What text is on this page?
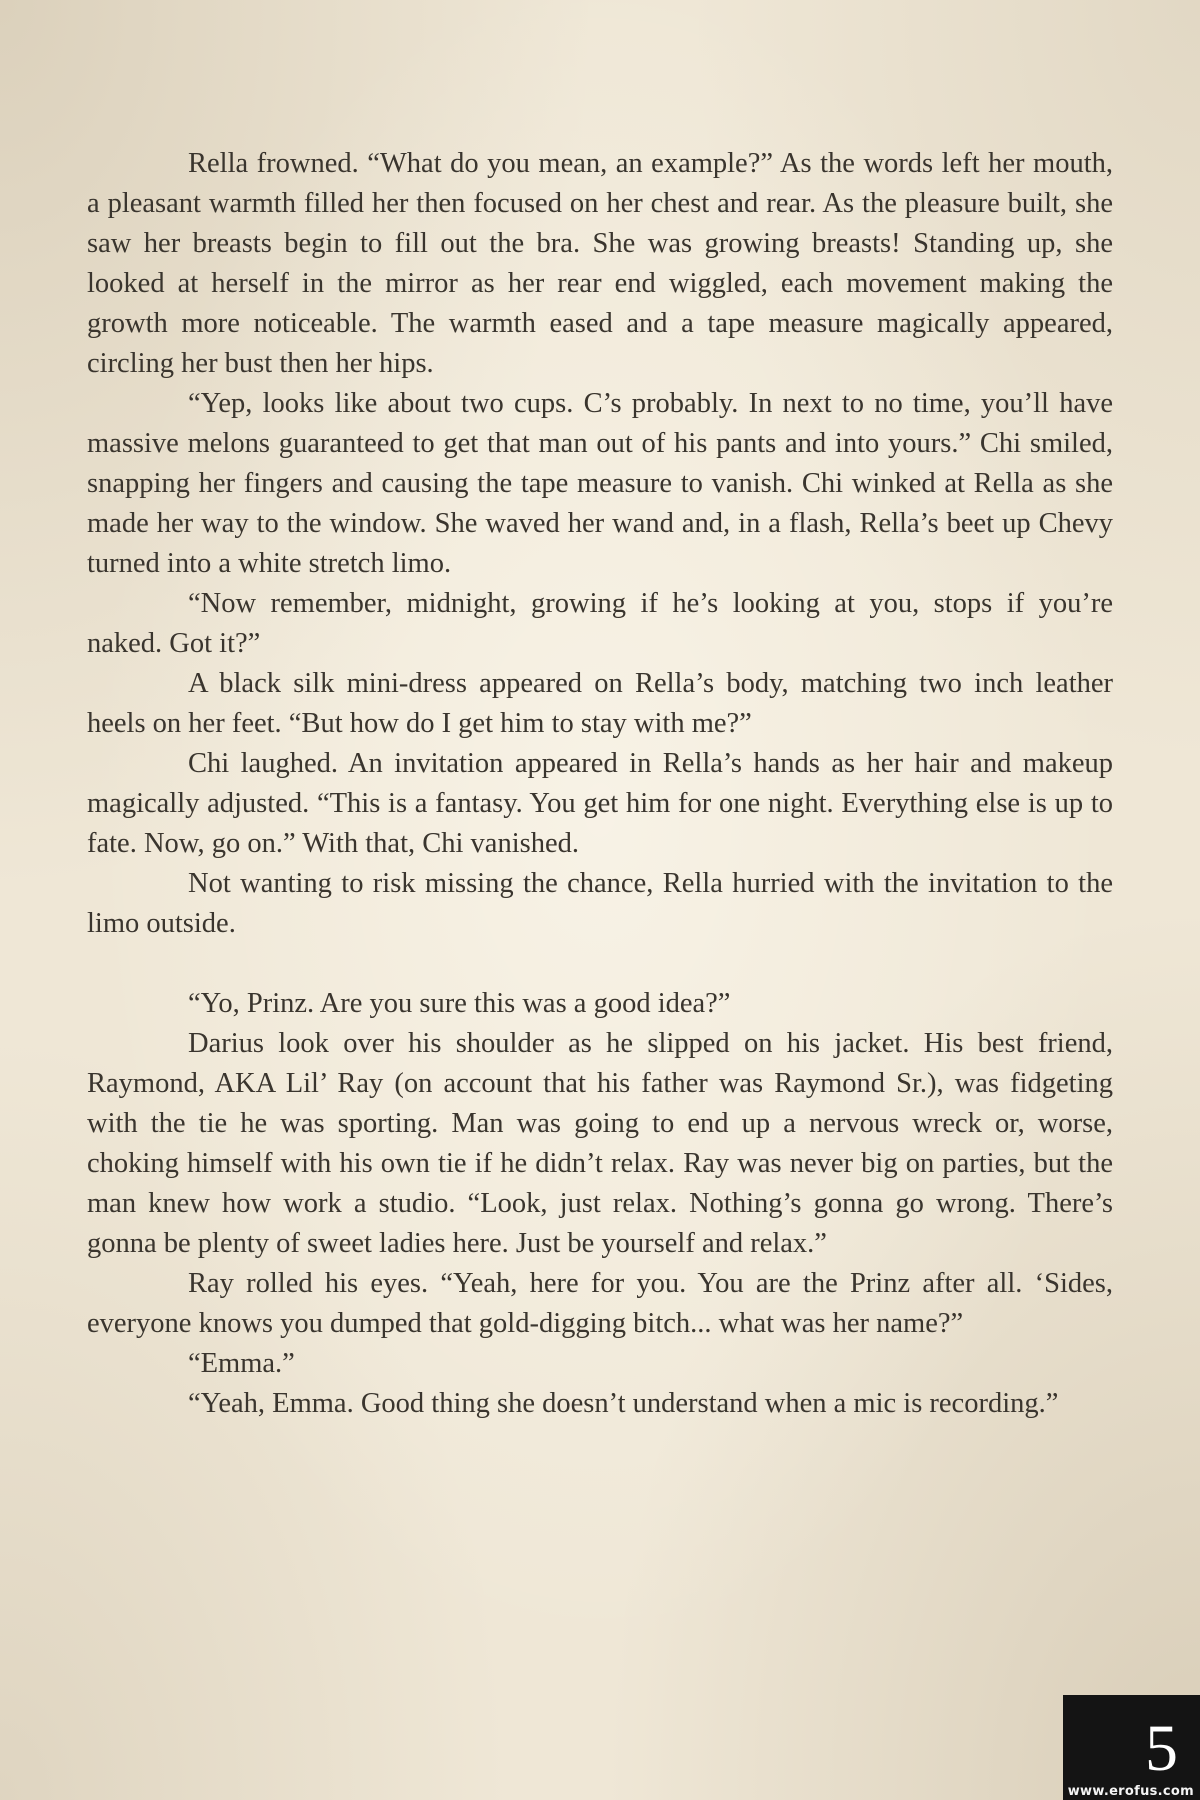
Rella frowned. “What do you mean, an example?” As the words left her mouth, a pleasant warmth filled her then focused on her chest and rear. As the pleasure built, she saw her breasts begin to fill out the bra. She was growing breasts! Standing up, she looked at herself in the mirror as her rear end wiggled, each movement making the growth more noticeable. The warmth eased and a tape measure magically appeared, circling her bust then her hips.

“Yep, looks like about two cups. C’s probably. In next to no time, you’ll have massive melons guaranteed to get that man out of his pants and into yours.” Chi smiled, snapping her fingers and causing the tape measure to vanish. Chi winked at Rella as she made her way to the window. She waved her wand and, in a flash, Rella’s beet up Chevy turned into a white stretch limo.

“Now remember, midnight, growing if he’s looking at you, stops if you’re naked. Got it?”

A black silk mini-dress appeared on Rella’s body, matching two inch leather heels on her feet. “But how do I get him to stay with me?”

Chi laughed. An invitation appeared in Rella’s hands as her hair and makeup magically adjusted. “This is a fantasy. You get him for one night. Everything else is up to fate. Now, go on.” With that, Chi vanished.

Not wanting to risk missing the chance, Rella hurried with the invitation to the limo outside.

“Yo, Prinz. Are you sure this was a good idea?”

Darius look over his shoulder as he slipped on his jacket. His best friend, Raymond, AKA Lil’ Ray (on account that his father was Raymond Sr.), was fidgeting with the tie he was sporting. Man was going to end up a nervous wreck or, worse, choking himself with his own tie if he didn’t relax. Ray was never big on parties, but the man knew how work a studio. “Look, just relax. Nothing’s gonna go wrong. There’s gonna be plenty of sweet ladies here. Just be yourself and relax.”

Ray rolled his eyes. “Yeah, here for you. You are the Prinz after all. ‘Sides, everyone knows you dumped that gold-digging bitch... what was her name?”

“Emma.”

“Yeah, Emma. Good thing she doesn’t understand when a mic is recording.”

5
www.erofus.com
